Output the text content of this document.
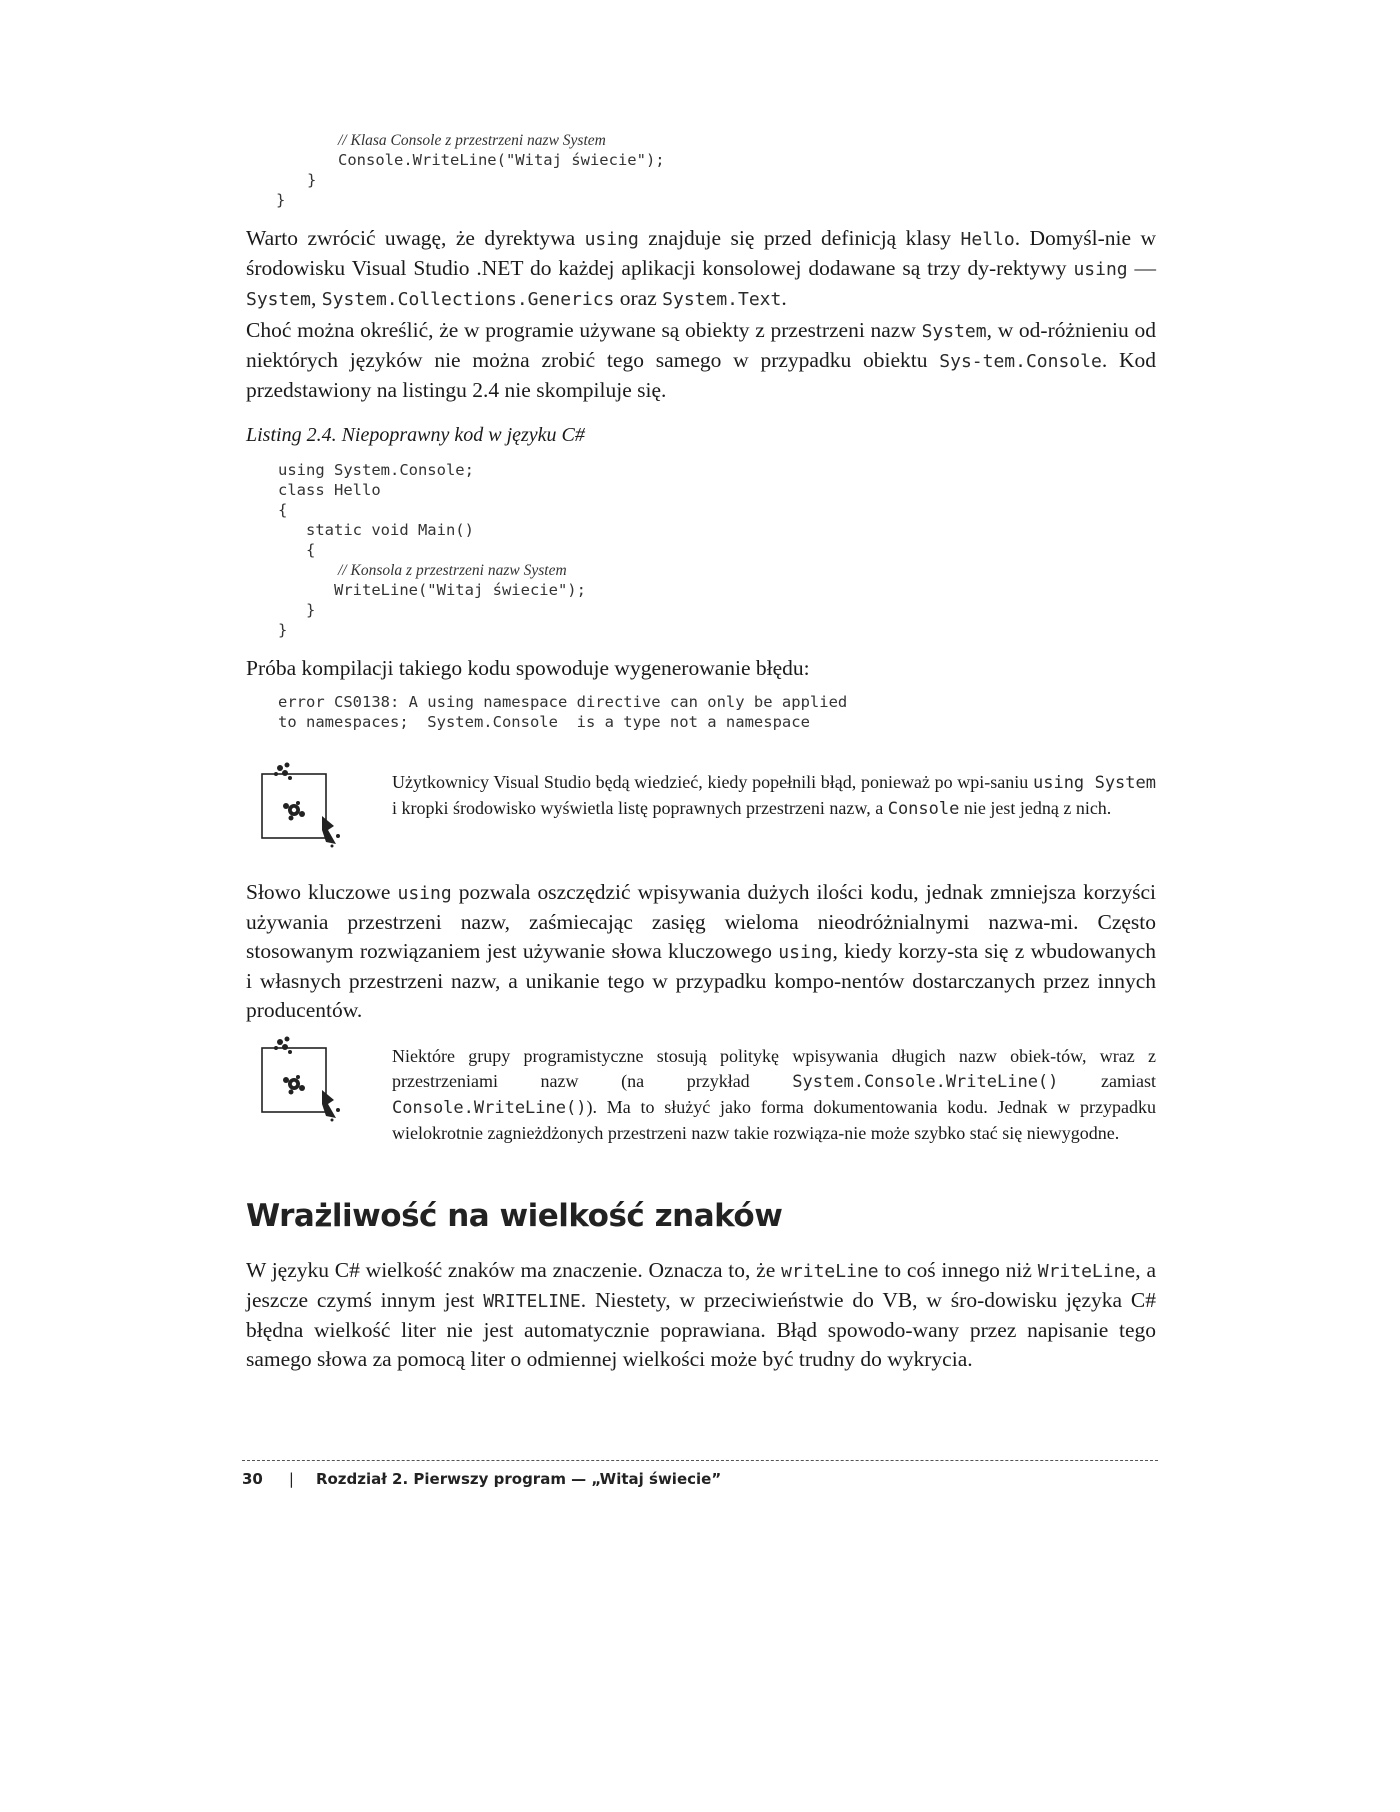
// Klasa Console z przestrzeni nazw System
Console.WriteLine("Witaj świecie");
}
}

Warto zwrócić uwagę, że dyrektywa using znajduje się przed definicją klasy Hello. Domyśl-nie w środowisku Visual Studio .NET do każdej aplikacji konsolowej dodawane są trzy dy-rektywy using — System, System.Collections.Generics oraz System.Text.

Choć można określić, że w programie używane są obiekty z przestrzeni nazw System, w od-różnieniu od niektórych języków nie można zrobić tego samego w przypadku obiektu Sys-tem.Console. Kod przedstawiony na listingu 2.4 nie skompiluje się.

Listing 2.4. Niepoprawny kod w języku C#
using System.Console;
class Hello
{
static void Main()
{
// Konsola z przestrzeni nazw System
WriteLine("Witaj świecie");
}
}

Próba kompilacji takiego kodu spowoduje wygenerowanie błędu:

error CS0138: A using namespace directive can only be applied
to namespaces;  System.Console  is a type not a namespace
Użytkownicy Visual Studio będą wiedzieć, kiedy popełnili błąd, ponieważ po wpi-saniu using System i kropki środowisko wyświetla listę poprawnych przestrzeni nazw, a Console nie jest jedną z nich.

Słowo kluczowe using pozwala oszczędzić wpisywania dużych ilości kodu, jednak zmniejsza korzyści używania przestrzeni nazw, zaśmiecając zasięg wieloma nieodróżnialnymi nazwa-mi. Często stosowanym rozwiązaniem jest używanie słowa kluczowego using, kiedy korzy-sta się z wbudowanych i własnych przestrzeni nazw, a unikanie tego w przypadku kompo-nentów dostarczanych przez innych producentów.

Niektóre grupy programistyczne stosują politykę wpisywania długich nazw obiek-tów, wraz z przestrzeniami nazw (na przykład System.Console.WriteLine() zamiast Console.WriteLine()). Ma to służyć jako forma dokumentowania kodu. Jednak w przypadku wielokrotnie zagnieżdżonych przestrzeni nazw takie rozwiąza-nie może szybko stać się niewygodne.
Wrażliwość na wielkość znaków

W języku C# wielkość znaków ma znaczenie. Oznacza to, że writeLine to coś innego niż WriteLine, a jeszcze czymś innym jest WRITELINE. Niestety, w przeciwieństwie do VB, w śro-dowisku języka C# błędna wielkość liter nie jest automatycznie poprawiana. Błąd spowodo-wany przez napisanie tego samego słowa za pomocą liter o odmiennej wielkości może być trudny do wykrycia.

30 | Rozdział 2. Pierwszy program — „Witaj świecie”
